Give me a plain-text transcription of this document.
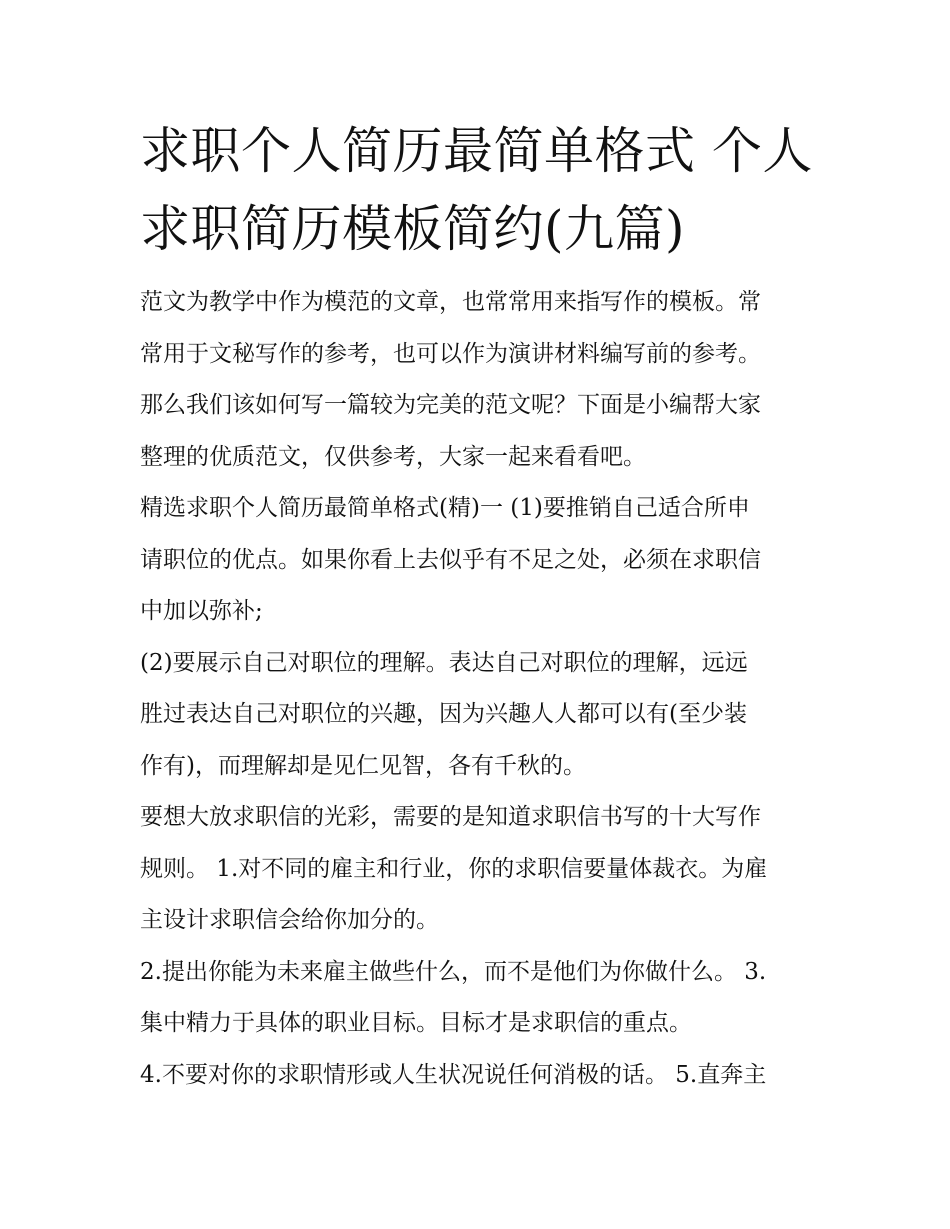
求职个人简历最简单格式 个人
求职简历模板简约(九篇)
范文为教学中作为模范的文章，也常常用来指写作的模板。常
常用于文秘写作的参考，也可以作为演讲材料编写前的参考。
那么我们该如何写一篇较为完美的范文呢？下面是小编帮大家
整理的优质范文，仅供参考，大家一起来看看吧。
精选求职个人简历最简单格式(精)一 (1)要推销自己适合所申
请职位的优点。如果你看上去似乎有不足之处，必须在求职信
中加以弥补;
(2)要展示自己对职位的理解。表达自己对职位的理解，远远
胜过表达自己对职位的兴趣，因为兴趣人人都可以有(至少装
作有)，而理解却是见仁见智，各有千秋的。
要想大放求职信的光彩，需要的是知道求职信书写的十大写作
规则。 1.对不同的雇主和行业，你的求职信要量体裁衣。为雇
主设计求职信会给你加分的。
2.提出你能为未来雇主做些什么，而不是他们为你做什么。 3.
集中精力于具体的职业目标。目标才是求职信的重点。
4.不要对你的求职情形或人生状况说任何消极的话。 5.直奔主
